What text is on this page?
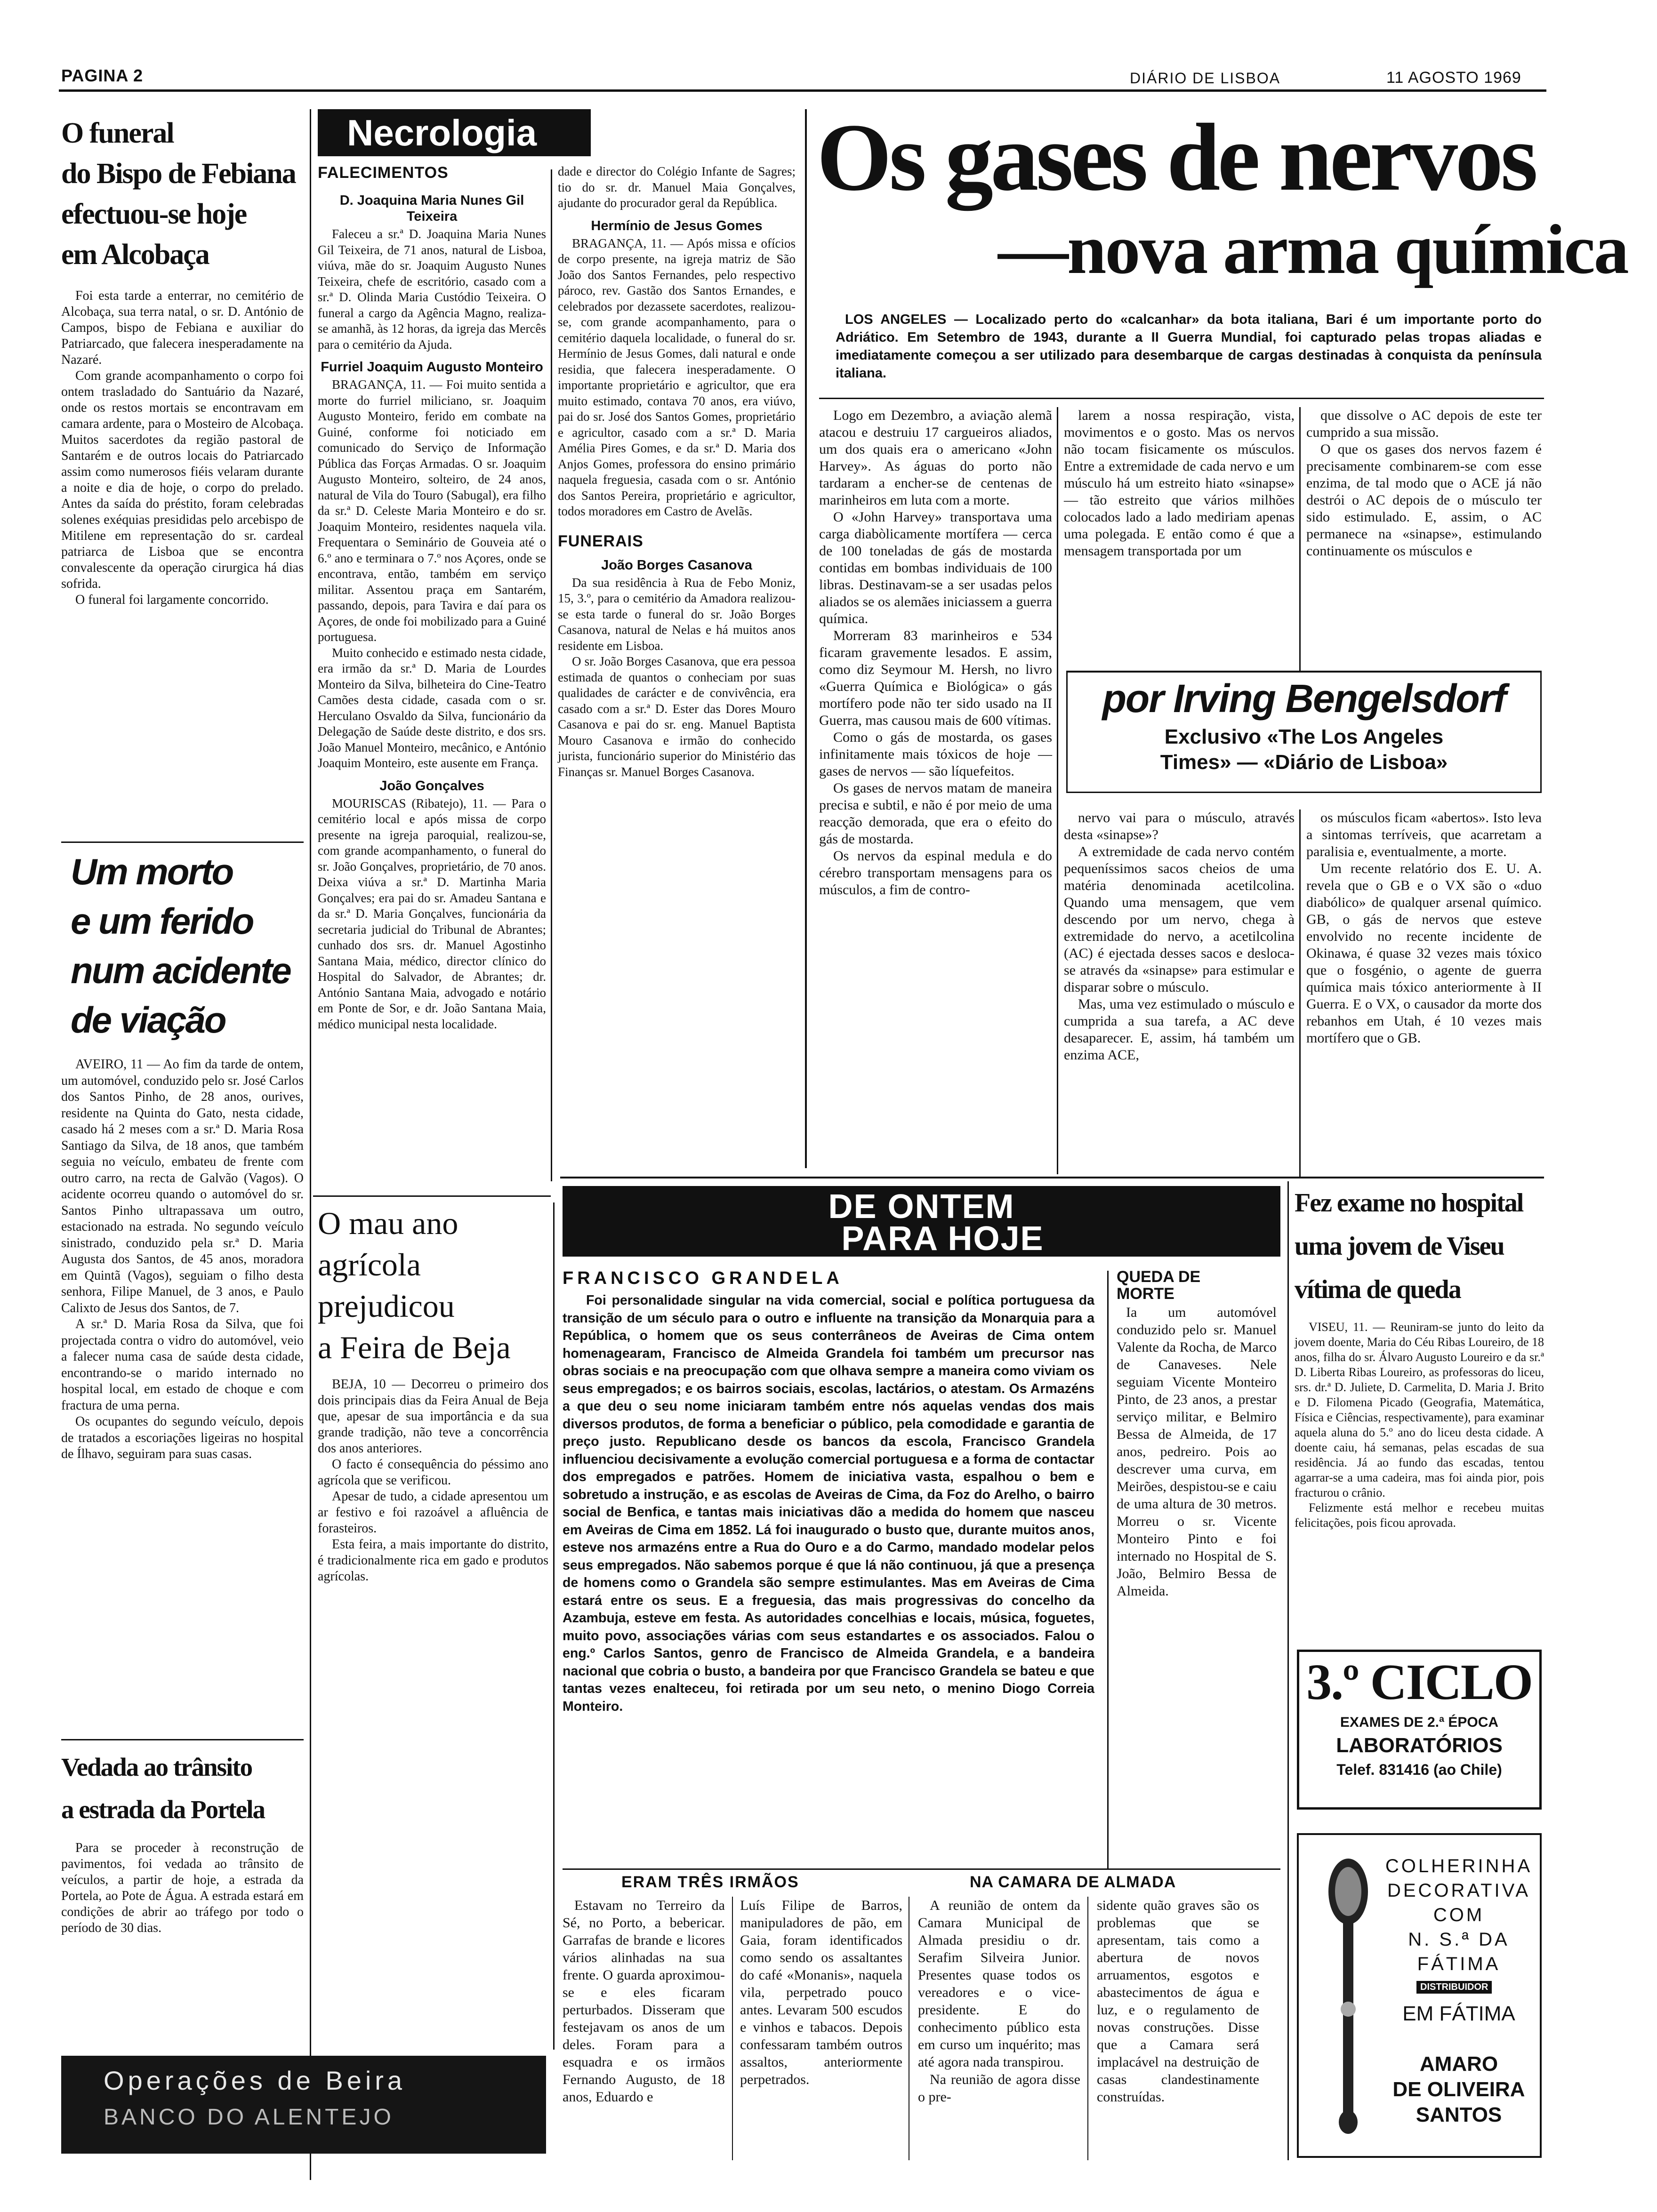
PAGINA 2	DIÁRIO DE LISBOA	11 AGOSTO 1969
O funeral
do Bispo de Febiana
efectuou-se hoje
em Alcobaça

Foi esta tarde a enterrar, no cemitério de Alcobaça, sua terra natal, o sr. D. António de Campos, bispo de Febiana e auxiliar do Patriarcado, que falecera inesperadamente na Nazaré.

Com grande acompanhamento o corpo foi ontem trasladado do Santuário da Nazaré, onde os restos mortais se encontravam em camara ardente, para o Mosteiro de Alcobaça. Muitos sacerdotes da região pastoral de Santarém e de outros locais do Patriarcado assim como numerosos fiéis velaram durante a noite e dia de hoje, o corpo do prelado. Antes da saída do préstito, foram celebradas solenes exéquias presididas pelo arcebispo de Mitilene em representação do sr. cardeal patriarca de Lisboa que se encontra convalescente da operação cirurgica há dias sofrida.

O funeral foi largamente concorrido.

Um morto
e um ferido
num acidente
de viação

AVEIRO, 11 — Ao fim da tarde de ontem, um automóvel, conduzido pelo sr. José Carlos dos Santos Pinho, de 28 anos, ourives, residente na Quinta do Gato, nesta cidade, casado há 2 meses com a sr.ª D. Maria Rosa Santiago da Silva, de 18 anos, que também seguia no veículo, embateu de frente com outro carro, na recta de Galvão (Vagos). O acidente ocorreu quando o automóvel do sr. Santos Pinho ultrapassava um outro, estacionado na estrada. No segundo veículo sinistrado, conduzido pela sr.ª D. Maria Augusta dos Santos, de 45 anos, moradora em Quintã (Vagos), seguiam o filho desta senhora, Filipe Manuel, de 3 anos, e Paulo Calixto de Jesus dos Santos, de 7.

A sr.ª D. Maria Rosa da Silva, que foi projectada contra o vidro do automóvel, veio a falecer numa casa de saúde desta cidade, encontrando-se o marido internado no hospital local, em estado de choque e com fractura de uma perna.

Os ocupantes do segundo veículo, depois de tratados a escoriações ligeiras no hospital de Ílhavo, seguiram para suas casas.

Vedada ao trânsito
a estrada da Portela

Para se proceder à reconstrução de pavimentos, foi vedada ao trânsito de veículos, a partir de hoje, a estrada da Portela, ao Pote de Água. A estrada estará em condições de abrir ao tráfego por todo o período de 30 dias.

Operações de Beira
BANCO DO ALENTEJO
Necrologia
FALECIMENTOS
D. Joaquina Maria Nunes Gil Teixeira

Faleceu a sr.ª D. Joaquina Maria Nunes Gil Teixeira, de 71 anos, natural de Lisboa, viúva, mãe do sr. Joaquim Augusto Nunes Teixeira, chefe de escritório, casado com a sr.ª D. Olinda Maria Custódio Teixeira. O funeral a cargo da Agência Magno, realiza-se amanhã, às 12 horas, da igreja das Mercês para o cemitério da Ajuda.

Furriel Joaquim Augusto Monteiro

BRAGANÇA, 11. — Foi muito sentida a morte do furriel miliciano, sr. Joaquim Augusto Monteiro, ferido em combate na Guiné, conforme foi noticiado em comunicado do Serviço de Informação Pública das Forças Armadas. O sr. Joaquim Augusto Monteiro, solteiro, de 24 anos, natural de Vila do Touro (Sabugal), era filho da sr.ª D. Celeste Maria Monteiro e do sr. Joaquim Monteiro, residentes naquela vila. Frequentara o Seminário de Gouveia até o 6.º ano e terminara o 7.º nos Açores, onde se encontrava, então, também em serviço militar. Assentou praça em Santarém, passando, depois, para Tavira e daí para os Açores, de onde foi mobilizado para a Guiné portuguesa.

Muito conhecido e estimado nesta cidade, era irmão da sr.ª D. Maria de Lourdes Monteiro da Silva, bilheteira do Cine-Teatro Camões desta cidade, casada com o sr. Herculano Osvaldo da Silva, funcionário da Delegação de Saúde deste distrito, e dos srs. João Manuel Monteiro, mecânico, e António Joaquim Monteiro, este ausente em França.

João Gonçalves

MOURISCAS (Ribatejo), 11. — Para o cemitério local e após missa de corpo presente na igreja paroquial, realizou-se, com grande acompanhamento, o funeral do sr. João Gonçalves, proprietário, de 70 anos. Deixa viúva a sr.ª D. Martinha Maria Gonçalves; era pai do sr. Amadeu Santana e da sr.ª D. Maria Gonçalves, funcionária da secretaria judicial do Tribunal de Abrantes; cunhado dos srs. dr. Manuel Agostinho Santana Maia, médico, director clínico do Hospital do Salvador, de Abrantes; dr. António Santana Maia, advogado e notário em Ponte de Sor, e dr. João Santana Maia, médico municipal nesta localidade.

dade e director do Colégio Infante de Sagres; tio do sr. dr. Manuel Maia Gonçalves, ajudante do procurador geral da República.

Hermínio de Jesus Gomes

BRAGANÇA, 11. — Após missa e ofícios de corpo presente, na igreja matriz de São João dos Santos Fernandes, pelo respectivo pároco, rev. Gastão dos Santos Ernandes, e celebrados por dezassete sacerdotes, realizou-se, com grande acompanhamento, para o cemitério daquela localidade, o funeral do sr. Hermínio de Jesus Gomes, dali natural e onde residia, que falecera inesperadamente. O importante proprietário e agricultor, que era muito estimado, contava 70 anos, era viúvo, pai do sr. José dos Santos Gomes, proprietário e agricultor, casado com a sr.ª D. Maria Amélia Pires Gomes, e da sr.ª D. Maria dos Anjos Gomes, professora do ensino primário naquela freguesia, casada com o sr. António dos Santos Pereira, proprietário e agricultor, todos moradores em Castro de Avelãs.

FUNERAIS
João Borges Casanova

Da sua residência à Rua de Febo Moniz, 15, 3.º, para o cemitério da Amadora realizou-se esta tarde o funeral do sr. João Borges Casanova, natural de Nelas e há muitos anos residente em Lisboa.

O sr. João Borges Casanova, que era pessoa estimada de quantos o conheciam por suas qualidades de carácter e de convivência, era casado com a sr.ª D. Ester das Dores Mouro Casanova e pai do sr. eng. Manuel Baptista Mouro Casanova e irmão do conhecido jurista, funcionário superior do Ministério das Finanças sr. Manuel Borges Casanova.

O mau ano
agrícola
prejudicou
a Feira de Beja

BEJA, 10 — Decorreu o primeiro dos dois principais dias da Feira Anual de Beja que, apesar de sua importância e da sua grande tradição, não teve a concorrência dos anos anteriores.

O facto é consequência do péssimo ano agrícola que se verificou.

Apesar de tudo, a cidade apresentou um ar festivo e foi razoável a afluência de forasteiros.

Esta feira, a mais importante do distrito, é tradicionalmente rica em gado e produtos agrícolas.

Os gases de nervos
—nova arma química
LOS ANGELES — Localizado perto do «calcanhar» da bota italiana, Bari é um importante porto do Adriático. Em Setembro de 1943, durante a II Guerra Mundial, foi capturado pelas tropas aliadas e imediatamente começou a ser utilizado para desembarque de cargas destinadas à conquista da península italiana.

Logo em Dezembro, a aviação alemã atacou e destruiu 17 cargueiros aliados, um dos quais era o americano «John Harvey». As águas do porto não tardaram a encher-se de centenas de marinheiros em luta com a morte.

O «John Harvey» transportava uma carga diabòlicamente mortífera — cerca de 100 toneladas de gás de mostarda contidas em bombas individuais de 100 libras. Destinavam-se a ser usadas pelos aliados se os alemães iniciassem a guerra química.

Morreram 83 marinheiros e 534 ficaram gravemente lesados. E assim, como diz Seymour M. Hersh, no livro «Guerra Química e Biológica» o gás mortífero pode não ter sido usado na II Guerra, mas causou mais de 600 vítimas.

Como o gás de mostarda, os gases infinitamente mais tóxicos de hoje — gases de nervos — são líquefeitos.

Os gases de nervos matam de maneira precisa e subtil, e não é por meio de uma reacção demorada, que era o efeito do gás de mostarda.

Os nervos da espinal medula e do cérebro transportam mensagens para os músculos, a fim de contro-

larem a nossa respiração, vista, movimentos e o gosto. Mas os nervos não tocam fisicamente os músculos. Entre a extremidade de cada nervo e um músculo há um estreito hiato «sinapse» — tão estreito que vários milhões colocados lado a lado mediriam apenas uma polegada. E então como é que a mensagem transportada por um

que dissolve o AC depois de este ter cumprido a sua missão.

O que os gases dos nervos fazem é precisamente combinarem-se com esse enzima, de tal modo que o ACE já não destrói o AC depois de o músculo ter sido estimulado. E, assim, o AC permanece na «sinapse», estimulando continuamente os músculos e

por Irving Bengelsdorf
Exclusivo «The Los Angeles
Times» — «Diário de Lisboa»

nervo vai para o músculo, através desta «sinapse»?

A extremidade de cada nervo contém pequeníssimos sacos cheios de uma matéria denominada acetilcolina. Quando uma mensagem, que vem descendo por um nervo, chega à extremidade do nervo, a acetilcolina (AC) é ejectada desses sacos e desloca-se através da «sinapse» para estimular e disparar sobre o músculo.

Mas, uma vez estimulado o músculo e cumprida a sua tarefa, a AC deve desaparecer. E, assim, há também um enzima ACE,

os músculos ficam «abertos». Isto leva a sintomas terríveis, que acarretam a paralisia e, eventualmente, a morte.

Um recente relatório dos E. U. A. revela que o GB e o VX são o «duo diabólico» de qualquer arsenal químico. GB, o gás de nervos que esteve envolvido no recente incidente de Okinawa, é quase 32 vezes mais tóxico que o fosgénio, o agente de guerra química mais tóxico anteriormente à II Guerra. E o VX, o causador da morte dos rebanhos em Utah, é 10 vezes mais mortífero que o GB.

DE ONTEM
PARA HOJE
FRANCISCO GRANDELA
Foi personalidade singular na vida comercial, social e política portuguesa da transição de um século para o outro e influente na transição da Monarquia para a República, o homem que os seus conterrâneos de Aveiras de Cima ontem homenagearam, Francisco de Almeida Grandela foi também um precursor nas obras sociais e na preocupação com que olhava sempre a maneira como viviam os seus empregados; e os bairros sociais, escolas, lactários, o atestam. Os Armazéns a que deu o seu nome iniciaram também entre nós aquelas vendas dos mais diversos produtos, de forma a beneficiar o público, pela comodidade e garantia de preço justo. Republicano desde os bancos da escola, Francisco Grandela influenciou decisivamente a evolução comercial portuguesa e a forma de contactar dos empregados e patrões. Homem de iniciativa vasta, espalhou o bem e sobretudo a instrução, e as escolas de Aveiras de Cima, da Foz do Arelho, o bairro social de Benfica, e tantas mais iniciativas dão a medida do homem que nasceu em Aveiras de Cima em 1852. Lá foi inaugurado o busto que, durante muitos anos, esteve nos armazéns entre a Rua do Ouro e a do Carmo, mandado modelar pelos seus empregados. Não sabemos porque é que lá não continuou, já que a presença de homens como o Grandela são sempre estimulantes. Mas em Aveiras de Cima estará entre os seus. E a freguesia, das mais progressivas do concelho da Azambuja, esteve em festa. As autoridades concelhias e locais, música, foguetes, muito povo, associações várias com seus estandartes e os associados. Falou o eng.º Carlos Santos, genro de Francisco de Almeida Grandela, e a bandeira nacional que cobria o busto, a bandeira por que Francisco Grandela se bateu e que tantas vezes enalteceu, foi retirada por um seu neto, o menino Diogo Correia Monteiro.
QUEDA DE MORTE
Ia um automóvel conduzido pelo sr. Manuel Valente da Rocha, de Marco de Canaveses. Nele seguiam Vicente Monteiro Pinto, de 23 anos, a prestar serviço militar, e Belmiro Bessa de Almeida, de 17 anos, pedreiro. Pois ao descrever uma curva, em Meirões, despistou-se e caiu de uma altura de 30 metros. Morreu o sr. Vicente Monteiro Pinto e foi internado no Hospital de S. João, Belmiro Bessa de Almeida.
ERAM TRÊS IRMÃOS	NA CAMARA DE ALMADA
Estavam no Terreiro da Sé, no Porto, a bebericar. Garrafas de brande e licores vários alinhadas na sua frente. O guarda aproximou-se e eles ficaram perturbados. Disseram que festejavam os anos de um deles. Foram para a esquadra e os irmãos Fernando Augusto, de 18 anos, Eduardo e
Luís Filipe de Barros, manipuladores de pão, em Gaia, foram identificados como sendo os assaltantes do café «Monanis», naquela vila, perpetrado pouco antes. Levaram 500 escudos e vinhos e tabacos. Depois confessaram também outros assaltos, anteriormente perpetrados.
A reunião de ontem da Camara Municipal de Almada presidiu o dr. Serafim Silveira Junior. Presentes quase todos os vereadores e o vice-presidente. E do conhecimento público esta em curso um inquérito; mas até agora nada transpirou.
Na reunião de agora disse o pre-
sidente quão graves são os problemas que se apresentam, tais como a abertura de novos arruamentos, esgotos e abastecimentos de água e luz, e o regulamento de novas construções. Disse que a Camara será implacável na destruição de casas clandestinamente construídas.
Fez exame no hospital
uma jovem de Viseu
vítima de queda

VISEU, 11. — Reuniram-se junto do leito da jovem doente, Maria do Céu Ribas Loureiro, de 18 anos, filha do sr. Álvaro Augusto Loureiro e da sr.ª D. Liberta Ribas Loureiro, as professoras do liceu, srs. dr.ª D. Juliete, D. Carmelita, D. Maria J. Brito e D. Filomena Picado (Geografia, Matemática, Física e Ciências, respectivamente), para examinar aquela aluna do 5.º ano do liceu desta cidade. A doente caiu, há semanas, pelas escadas de sua residência. Já ao fundo das escadas, tentou agarrar-se a uma cadeira, mas foi ainda pior, pois fracturou o crânio.

Felizmente está melhor e recebeu muitas felicitações, pois ficou aprovada.

3.º CICLO
EXAMES DE 2.ª ÉPOCA
LABORATÓRIOS
Telef. 831416 (ao Chile)
COLHERINHA
DECORATIVA
COM
N. S.ª DA
FÁTIMA
DISTRIBUIDOR
EM FÁTIMA
AMARO
DE OLIVEIRA
SANTOS
